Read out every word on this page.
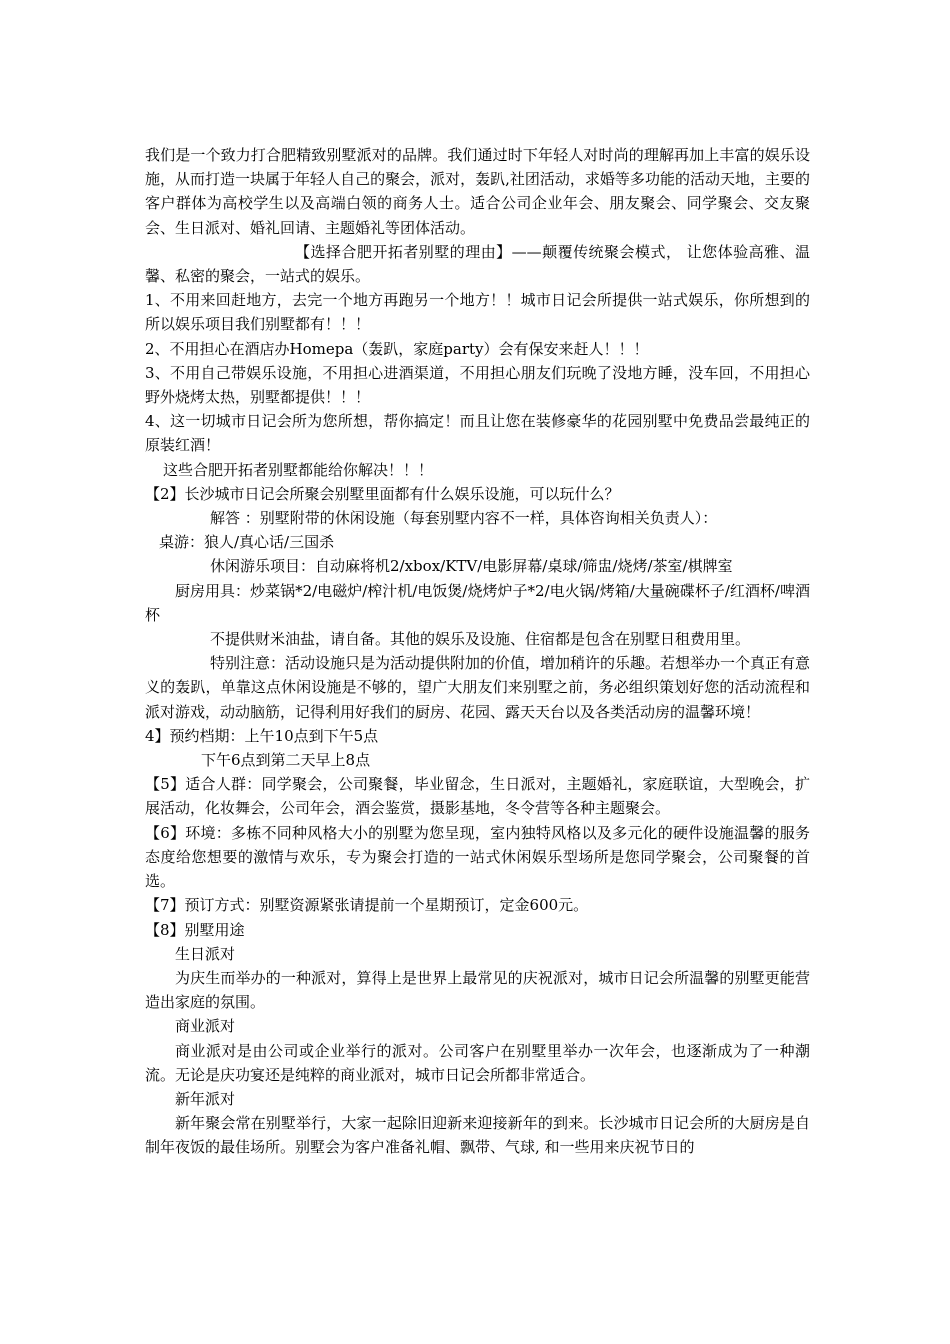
我们是一个致力打合肥精致别墅派对的品牌。我们通过时下年轻人对时尚的理解再加上丰富的娱乐设施，从而打造一块属于年轻人自己的聚会，派对，轰趴,社团活动，求婚等多功能的活动天地，主要的客户群体为高校学生以及高端白领的商务人士。适合公司企业年会、朋友聚会、同学聚会、交友聚会、生日派对、婚礼回请、主题婚礼等团体活动。

【选择合肥开拓者别墅的理由】——颠覆传统聚会模式， 让您体验高雅、温馨、私密的聚会，一站式的娱乐。

1、不用来回赶地方，去完一个地方再跑另一个地方！！城市日记会所提供一站式娱乐，你所想到的所以娱乐项目我们别墅都有！！！

2、不用担心在酒店办Homepa（轰趴，家庭party）会有保安来赶人！！！

3、不用自己带娱乐设施，不用担心进酒渠道，不用担心朋友们玩晚了没地方睡，没车回，不用担心野外烧烤太热，别墅都提供！！！

4、这一切城市日记会所为您所想，帮你搞定！而且让您在装修豪华的花园别墅中免费品尝最纯正的原装红酒！

这些合肥开拓者别墅都能给你解决！！！

【2】长沙城市日记会所聚会别墅里面都有什么娱乐设施，可以玩什么？

解答 ：别墅附带的休闲设施（每套别墅内容不一样，具体咨询相关负责人）：

桌游：狼人/真心话/三国杀

休闲游乐项目：自动麻将机2/xbox/KTV/电影屏幕/桌球/筛盅/烧烤/茶室/棋牌室

厨房用具：炒菜锅*2/电磁炉/榨汁机/电饭煲/烧烤炉子*2/电火锅/烤箱/大量碗碟杯子/红酒杯/啤酒杯

不提供财米油盐，请自备。其他的娱乐及设施、住宿都是包含在别墅日租费用里。

特别注意：活动设施只是为活动提供附加的价值，增加稍许的乐趣。若想举办一个真正有意义的轰趴，单靠这点休闲设施是不够的，望广大朋友们来别墅之前，务必组织策划好您的活动流程和派对游戏，动动脑筋，记得利用好我们的厨房、花园、露天天台以及各类活动房的温馨环境！

4】预约档期：上午10点到下午5点

下午6点到第二天早上8点

【5】适合人群：同学聚会，公司聚餐，毕业留念，生日派对，主题婚礼，家庭联谊，大型晚会，扩展活动，化妆舞会，公司年会，酒会鉴赏，摄影基地，冬令营等各种主题聚会。

【6】环境：多栋不同种风格大小的别墅为您呈现，室内独特风格以及多元化的硬件设施温馨的服务态度给您想要的激情与欢乐，专为聚会打造的一站式休闲娱乐型场所是您同学聚会，公司聚餐的首选。

【7】预订方式：别墅资源紧张请提前一个星期预订，定金600元。

【8】别墅用途

生日派对

为庆生而举办的一种派对，算得上是世界上最常见的庆祝派对，城市日记会所温馨的别墅更能营造出家庭的氛围。

商业派对

商业派对是由公司或企业举行的派对。公司客户在别墅里举办一次年会，也逐渐成为了一种潮流。无论是庆功宴还是纯粹的商业派对，城市日记会所都非常适合。

新年派对

新年聚会常在别墅举行，大家一起除旧迎新来迎接新年的到来。长沙城市日记会所的大厨房是自制年夜饭的最佳场所。别墅会为客户准备礼帽、飘带、气球, 和一些用来庆祝节日的
